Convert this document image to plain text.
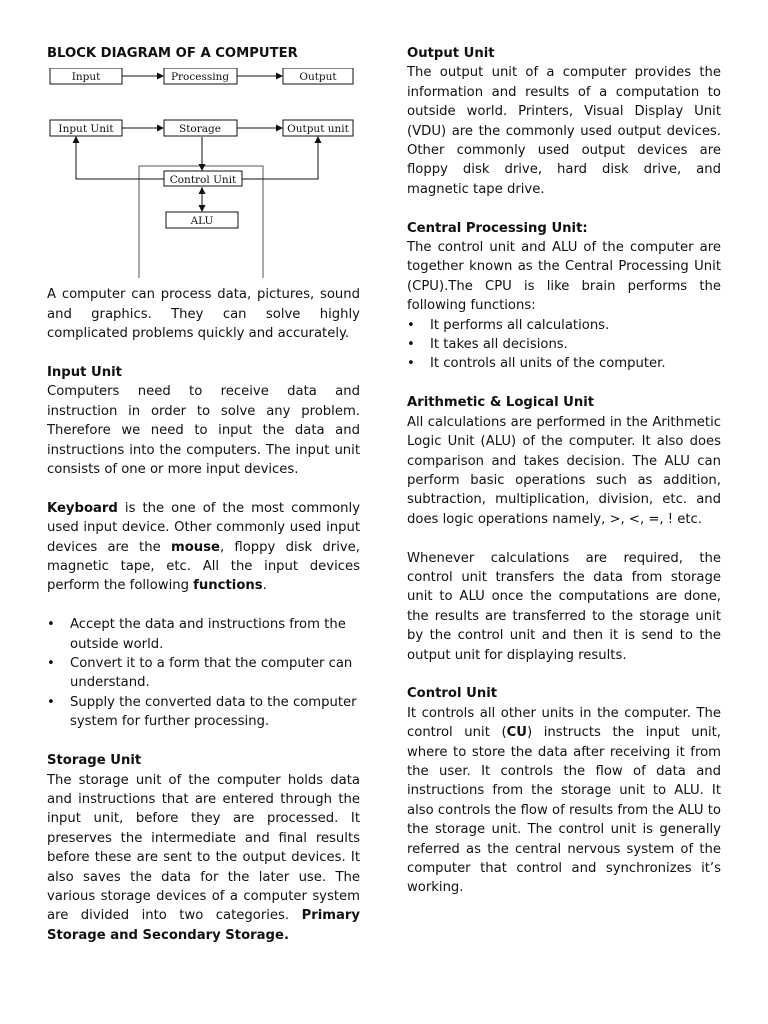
BLOCK DIAGRAM OF A COMPUTER
Input	Processing	Output
Input Unit	Storage	Output unit
Control Unit
ALU

A computer can process data, pictures, sound and graphics. They can solve highly complicated problems quickly and accurately.

Input Unit

Computers need to receive data and instruction in order to solve any problem. Therefore we need to input the data and instructions into the computers. The input unit consists of one or more input devices.

Keyboard is the one of the most commonly used input device. Other commonly used input devices are the mouse, floppy disk drive, magnetic tape, etc. All the input devices perform the following functions.

• Accept the data and instructions from the outside world.
• Convert it to a form that the computer can understand.
• Supply the converted data to the computer system for further processing.
Storage Unit

The storage unit of the computer holds data and instructions that are entered through the input unit, before they are processed. It preserves the intermediate and final results before these are sent to the output devices. It also saves the data for the later use. The various storage devices of a computer system are divided into two categories. Primary Storage and Secondary Storage.

Output Unit

The output unit of a computer provides the information and results of a computation to outside world. Printers, Visual Display Unit (VDU) are the commonly used output devices. Other commonly used output devices are floppy disk drive, hard disk drive, and magnetic tape drive.

Central Processing Unit:

The control unit and ALU of the computer are together known as the Central Processing Unit (CPU).The CPU is like brain performs the following functions:

• It performs all calculations.
• It takes all decisions.
• It controls all units of the computer.
Arithmetic & Logical Unit

All calculations are performed in the Arithmetic Logic Unit (ALU) of the computer. It also does comparison and takes decision. The ALU can perform basic operations such as addition, subtraction, multiplication, division, etc. and does logic operations namely, >, <, =, ! etc.

Whenever calculations are required, the control unit transfers the data from storage unit to ALU once the computations are done, the results are transferred to the storage unit by the control unit and then it is send to the output unit for displaying results.

Control Unit

It controls all other units in the computer. The control unit (CU) instructs the input unit, where to store the data after receiving it from the user. It controls the flow of data and instructions from the storage unit to ALU. It also controls the flow of results from the ALU to the storage unit. The control unit is generally referred as the central nervous system of the computer that control and synchronizes it’s working.
